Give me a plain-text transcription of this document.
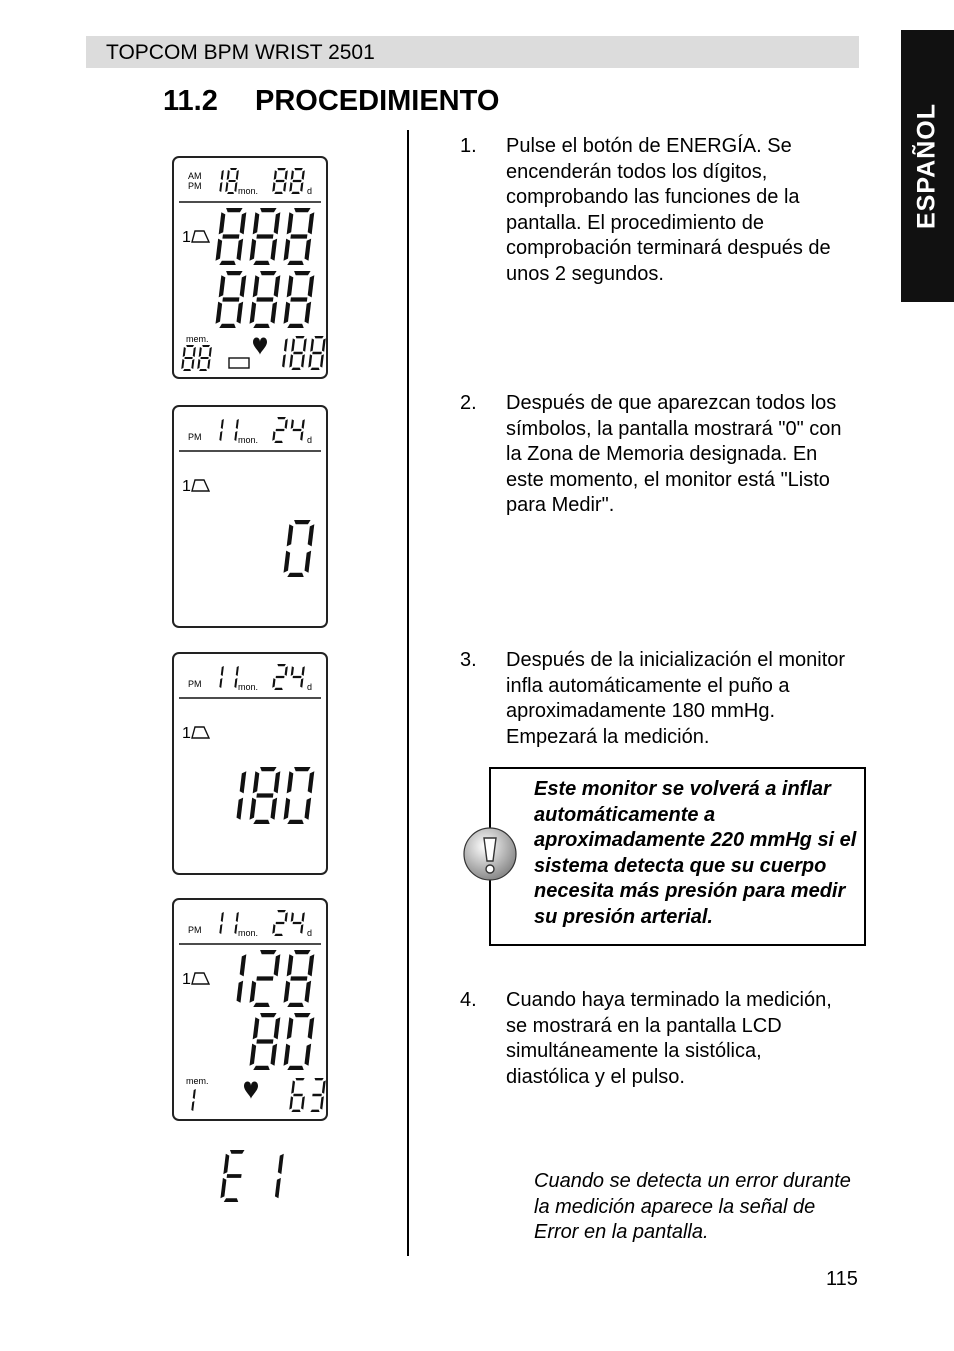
TOPCOM BPM WRIST 2501
ESPAÑOL
11.2 PROCEDIMIENTO
AM PM	mon.	d
1
mem.
PM	mon.	d
1
PM	mon.	d
1
PM	mon.	d
1
mem.
1. Pulse el botón de ENERGÍA. Se encenderán todos los dígitos, comprobando las funciones de la pantalla. El procedimiento de comprobación terminará después de unos 2 segundos.
2. Después de que aparezcan todos los símbolos, la pantalla mostrará "0" con la Zona de Memoria designada. En este momento, el monitor está "Listo para Medir".
3. Después de la inicialización el monitor infla automáticamente el puño a aproximadamente 180 mmHg. Empezará la medición.
4. Cuando haya terminado la medición, se mostrará en la pantalla LCD simultáneamente la sistólica, diastólica y el pulso.
Este monitor se volverá a inflar automáticamente a aproximadamente 220 mmHg si el sistema detecta que su cuerpo necesita más presión para medir su presión arterial.
Cuando se detecta un error durante la medición aparece la señal de Error en la pantalla.
115
